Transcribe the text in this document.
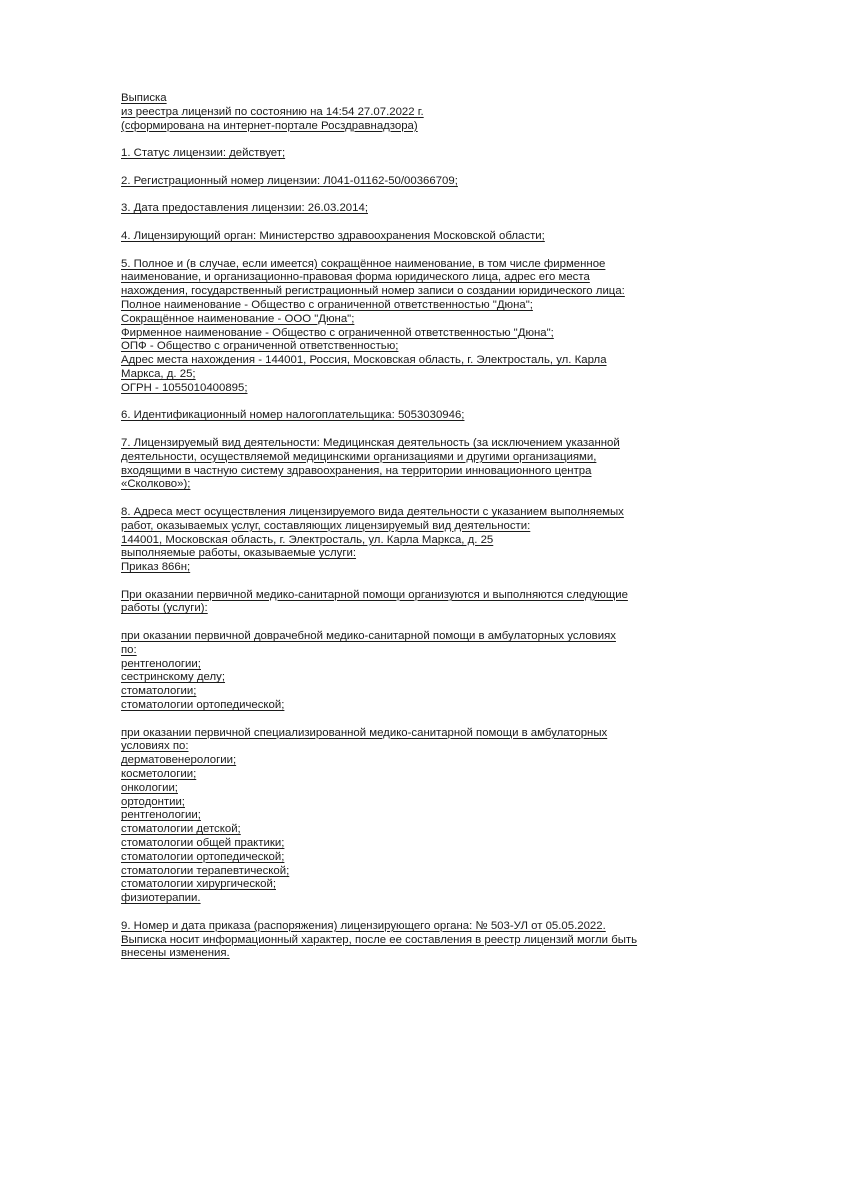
Выписка
из реестра лицензий по состоянию на 14:54 27.07.2022 г.
(сформирована на интернет-портале Росздравнадзора)
1. Статус лицензии: действует;
2. Регистрационный номер лицензии: Л041-01162-50/00366709;
3. Дата предоставления лицензии: 26.03.2014;
4. Лицензирующий орган: Министерство здравоохранения Московской области;
5. Полное и (в случае, если имеется) сокращённое наименование, в том числе фирменное
наименование, и организационно-правовая форма юридического лица, адрес его места
нахождения, государственный регистрационный номер записи о создании юридического лица:
Полное наименование - Общество с ограниченной ответственностью "Дюна";
Сокращённое наименование - ООО "Дюна";
Фирменное наименование - Общество с ограниченной ответственностью "Дюна";
ОПФ - Общество с ограниченной ответственностью;
Адрес места нахождения - 144001, Россия, Московская область, г. Электросталь, ул. Карла
Маркса, д. 25;
ОГРН - 1055010400895;
6. Идентификационный номер налогоплательщика: 5053030946;
7. Лицензируемый вид деятельности: Медицинская деятельность (за исключением указанной
деятельности, осуществляемой медицинскими организациями и другими организациями,
входящими в частную систему здравоохранения, на территории инновационного центра
«Сколково»);
8. Адреса мест осуществления лицензируемого вида деятельности с указанием выполняемых
работ, оказываемых услуг, составляющих лицензируемый вид деятельности:
144001, Московская область, г. Электросталь, ул. Карла Маркса, д. 25
выполняемые работы, оказываемые услуги:
Приказ 866н;
При оказании первичной медико-санитарной помощи организуются и выполняются следующие
работы (услуги):
при оказании первичной доврачебной медико-санитарной помощи в амбулаторных условиях
по:
рентгенологии;
сестринскому делу;
стоматологии;
стоматологии ортопедической;
при оказании первичной специализированной медико-санитарной помощи в амбулаторных
условиях по:
дерматовенерологии;
косметологии;
онкологии;
ортодонтии;
рентгенологии;
стоматологии детской;
стоматологии общей практики;
стоматологии ортопедической;
стоматологии терапевтической;
стоматологии хирургической;
физиотерапии.
9. Номер и дата приказа (распоряжения) лицензирующего органа: № 503-УЛ от 05.05.2022.
Выписка носит информационный характер, после ее составления в реестр лицензий могли быть
внесены изменения.
